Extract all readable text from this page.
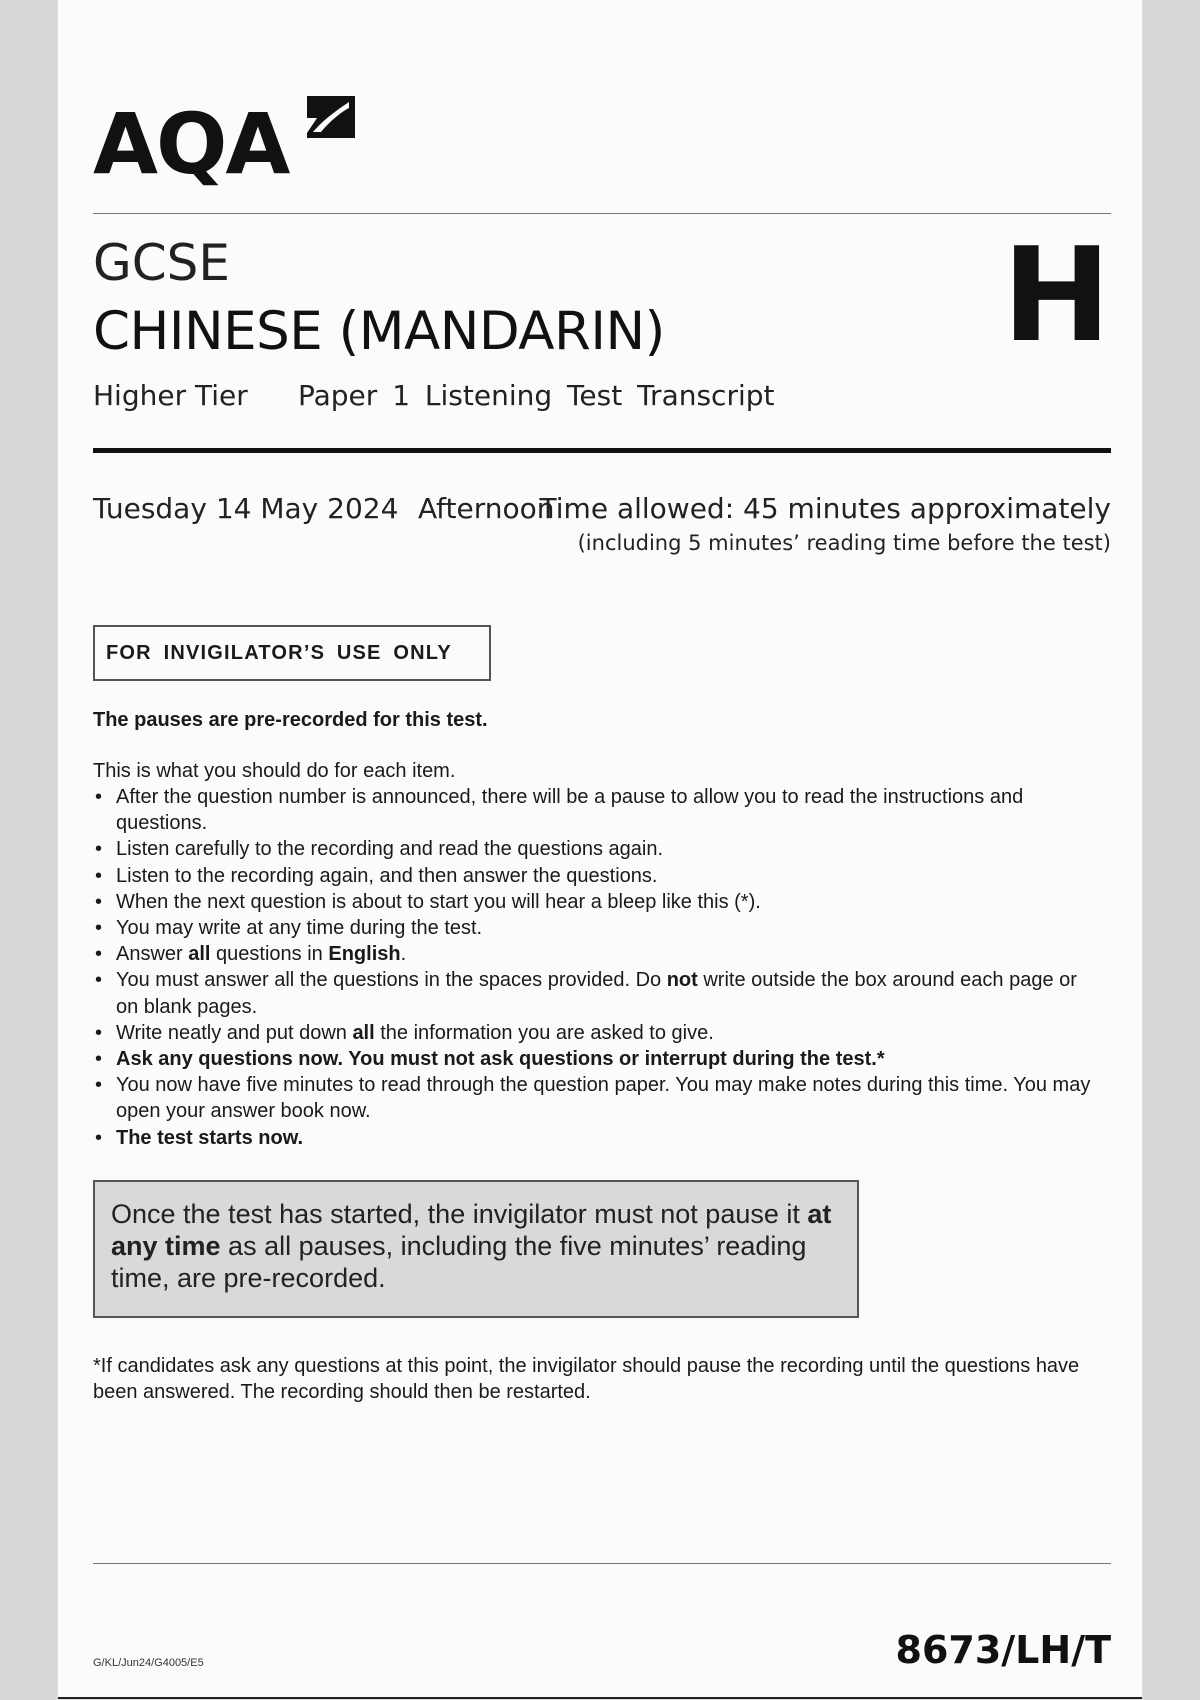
AQA
GCSE
CHINESE (MANDARIN)
Higher Tier Paper 1 Listening Test Transcript
H
Tuesday 14 May 2024 Afternoon
Time allowed: 45 minutes approximately
(including 5 minutes’ reading time before the test)
FOR INVIGILATOR’S USE ONLY
The pauses are pre-recorded for this test.
This is what you should do for each item.
• After the question number is announced, there will be a pause to allow you to read the instructions and questions.
• Listen carefully to the recording and read the questions again.
• Listen to the recording again, and then answer the questions.
• When the next question is about to start you will hear a bleep like this (*).
• You may write at any time during the test.
• Answer all questions in English.
• You must answer all the questions in the spaces provided. Do not write outside the box around each page or on blank pages.
• Write neatly and put down all the information you are asked to give.
• Ask any questions now. You must not ask questions or interrupt during the test.*
• You now have five minutes to read through the question paper. You may make notes during this time. You may open your answer book now.
• The test starts now.
Once the test has started, the invigilator must not pause it at any time as all pauses, including the five minutes’ reading time, are pre-recorded.
*If candidates ask any questions at this point, the invigilator should pause the recording until the questions have been answered. The recording should then be restarted.
G/KL/Jun24/G4005/E5	8673/LH/T
